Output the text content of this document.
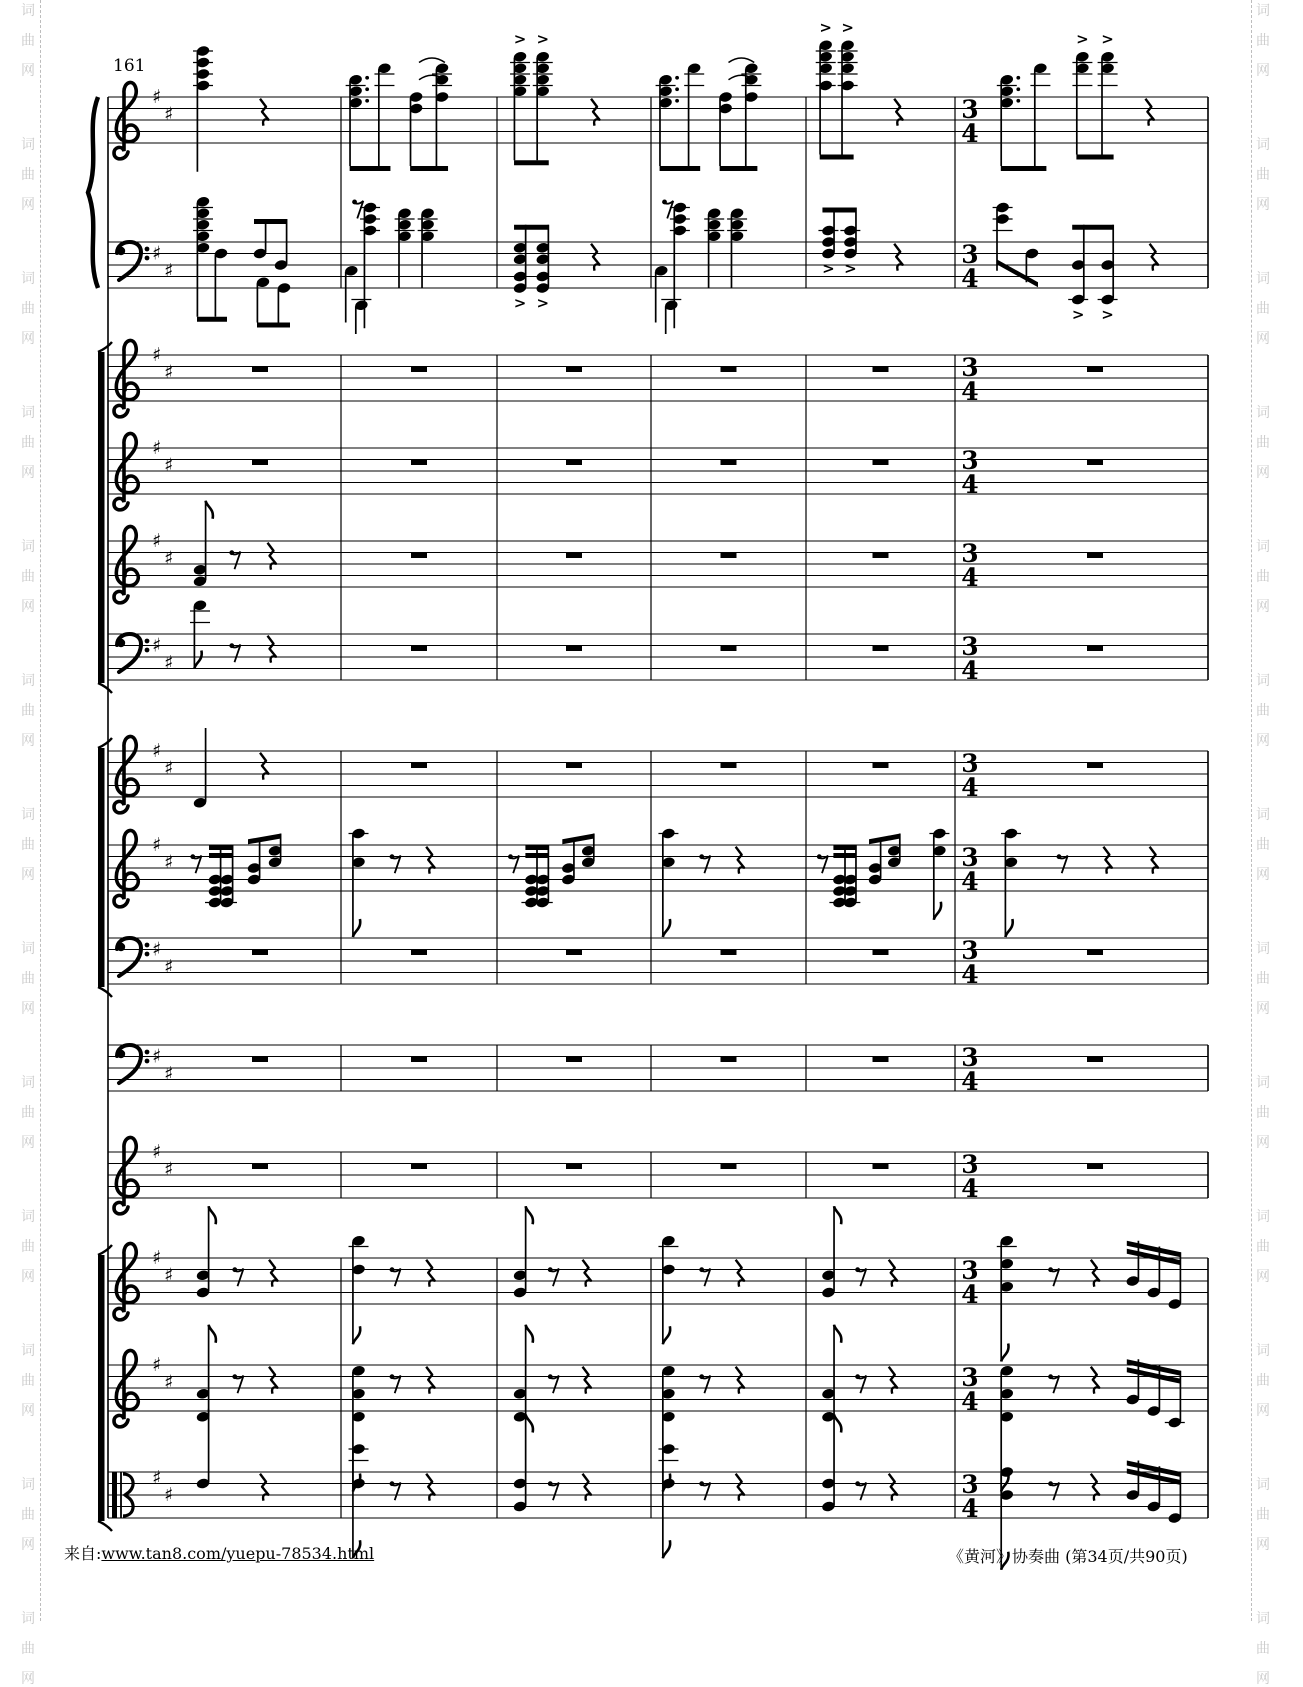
词
曲
网
词
曲
网
词
曲
网
词
曲
网
词
曲
网
词
曲
网
词
曲
网
词
曲
网
词
曲
网
词
曲
网
词
曲
网
词
曲
网
词
曲
网
词
曲
网
词
曲
网
词
曲
网
词
曲
网
词
曲
网
词
曲
网
词
曲
网
词
曲
网
词
曲
网
词
曲
网
词
曲
网
词
曲
网
词
曲
网
♯
♯	3
4
> >
> >
> >
♯
♯
3
4
> >
> >
> >
♯
♯	3
4
♯
♯	3
4
♯
♯	3
4
♯
♯
3
4
♯
♯	3
4
♯
♯	3
4
♯
♯
3
4
♯
♯
3
4
♯
♯	3
4
♯
♯	3
4
♯
♯	3
4
♯
♯	3
4
161
来自:www.tan8.com/yuepu-78534.html	《黄河》协奏曲 (第34页/共90页)
